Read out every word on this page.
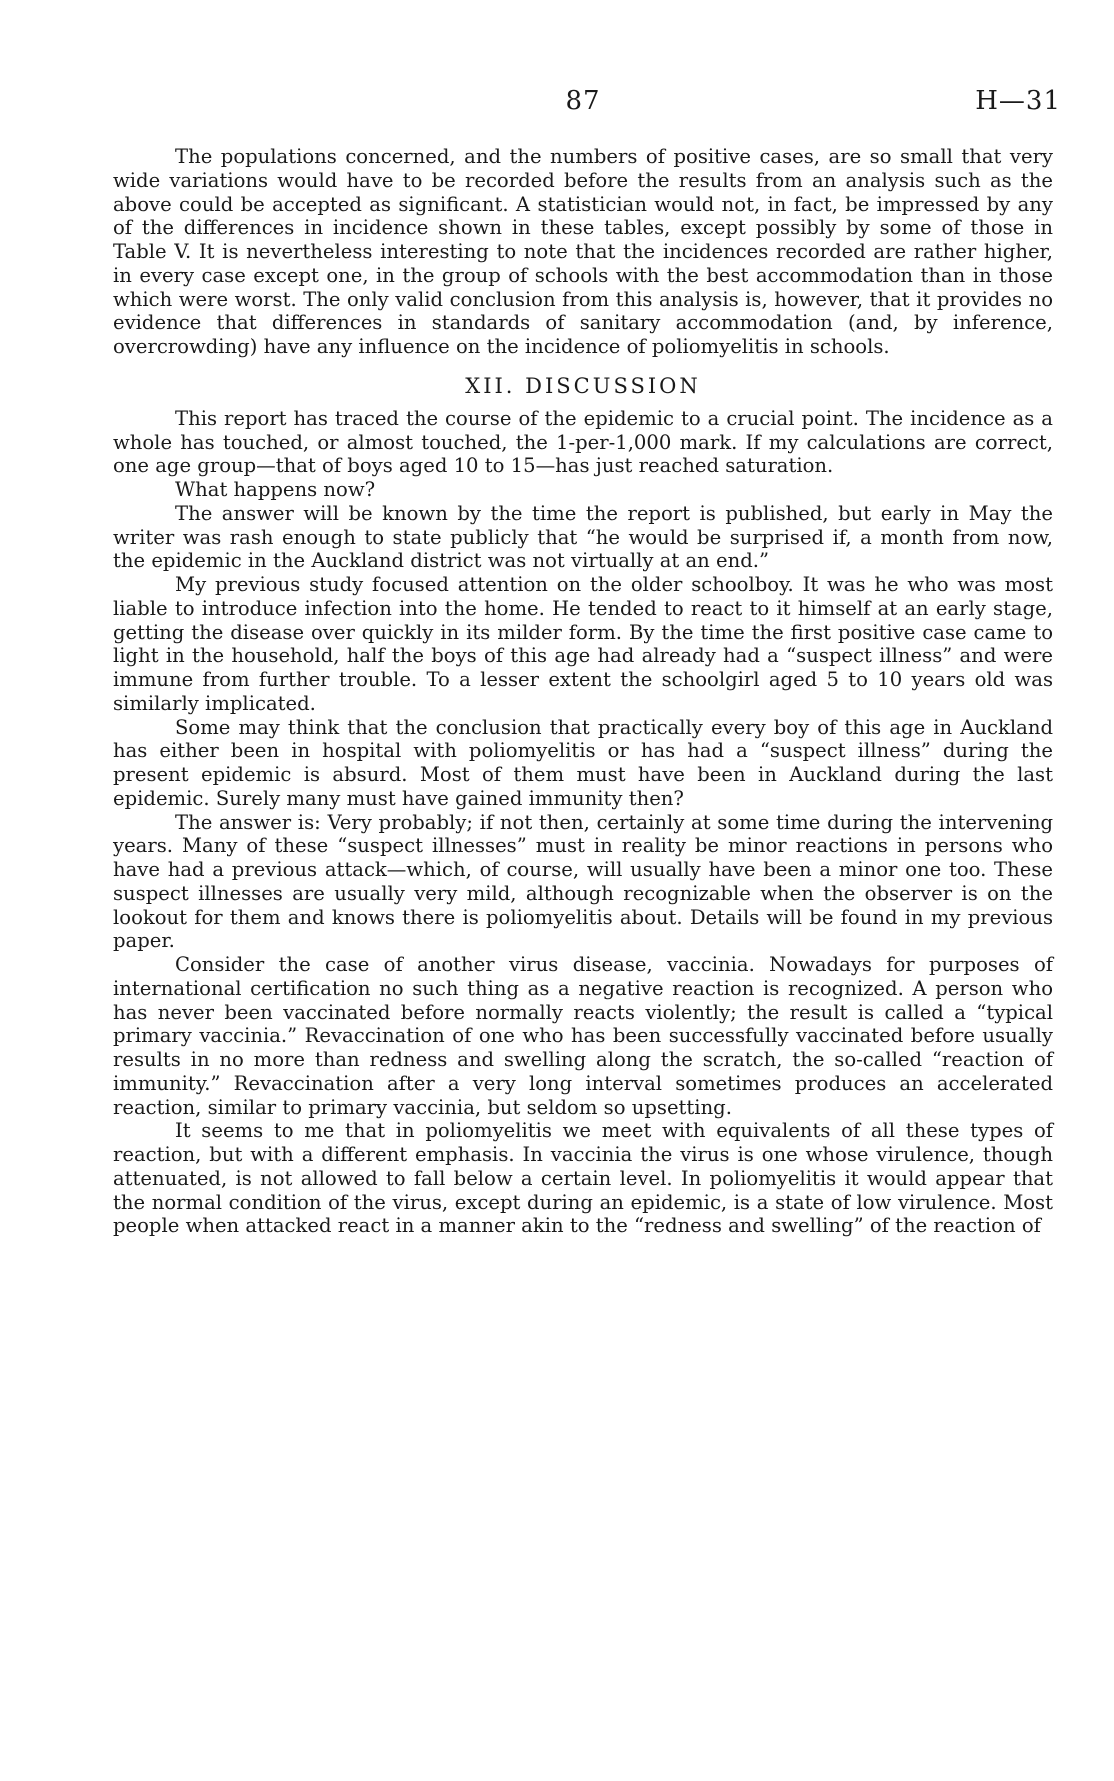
87	H—31

The populations concerned, and the numbers of positive cases, are so small that very wide variations would have to be recorded before the results from an analysis such as the above could be accepted as significant. A statistician would not, in fact, be impressed by any of the differences in incidence shown in these tables, except possibly by some of those in Table V. It is nevertheless interesting to note that the incidences recorded are rather higher, in every case except one, in the group of schools with the best accommodation than in those which were worst. The only valid conclusion from this analysis is, however, that it provides no evidence that differences in standards of sanitary accommodation (and, by inference, overcrowding) have any influence on the incidence of poliomyelitis in schools.

XII. DISCUSSION

This report has traced the course of the epidemic to a crucial point. The incidence as a whole has touched, or almost touched, the 1-per-1,000 mark. If my calculations are correct, one age group—that of boys aged 10 to 15—has just reached saturation.

What happens now?

The answer will be known by the time the report is published, but early in May the writer was rash enough to state publicly that “he would be surprised if, a month from now, the epidemic in the Auckland district was not virtually at an end.”

My previous study focused attention on the older schoolboy. It was he who was most liable to introduce infection into the home. He tended to react to it himself at an early stage, getting the disease over quickly in its milder form. By the time the first positive case came to light in the household, half the boys of this age had already had a “suspect illness” and were immune from further trouble. To a lesser extent the schoolgirl aged 5 to 10 years old was similarly implicated.

Some may think that the conclusion that practically every boy of this age in Auckland has either been in hospital with poliomyelitis or has had a “suspect illness” during the present epidemic is absurd. Most of them must have been in Auckland during the last epidemic. Surely many must have gained immunity then?

The answer is: Very probably; if not then, certainly at some time during the intervening years. Many of these “suspect illnesses” must in reality be minor reactions in persons who have had a previous attack—which, of course, will usually have been a minor one too. These suspect illnesses are usually very mild, although recognizable when the observer is on the lookout for them and knows there is poliomyelitis about. Details will be found in my previous paper.

Consider the case of another virus disease, vaccinia. Nowadays for purposes of international certification no such thing as a negative reaction is recognized. A person who has never been vaccinated before normally reacts violently; the result is called a “typical primary vaccinia.” Revaccination of one who has been successfully vaccinated before usually results in no more than redness and swelling along the scratch, the so-called “reaction of immunity.” Revaccination after a very long interval sometimes produces an accelerated reaction, similar to primary vaccinia, but seldom so upsetting.

It seems to me that in poliomyelitis we meet with equivalents of all these types of reaction, but with a different emphasis. In vaccinia the virus is one whose virulence, though attenuated, is not allowed to fall below a certain level. In poliomyelitis it would appear that the normal condition of the virus, except during an epidemic, is a state of low virulence. Most people when attacked react in a manner akin to the “redness and swelling” of the reaction of
